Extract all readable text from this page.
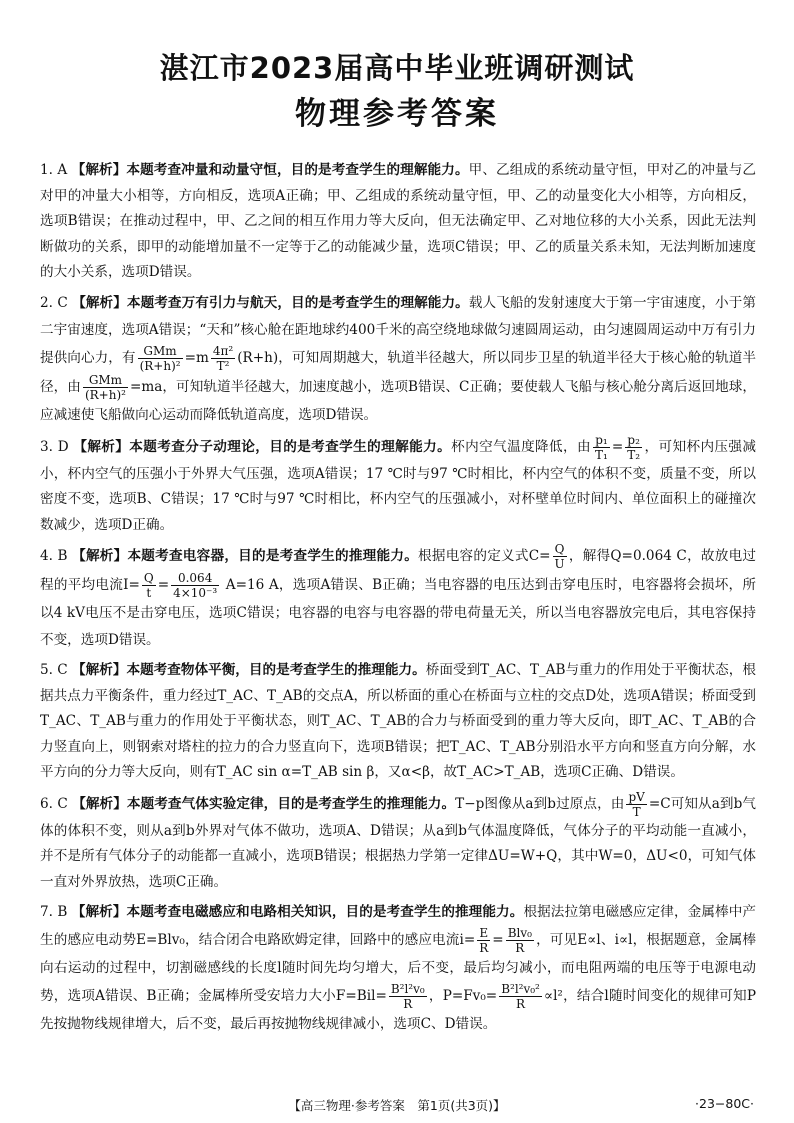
湛江市2023届高中毕业班调研测试
物理参考答案

1. A 【解析】本题考查冲量和动量守恒，目的是考查学生的理解能力。甲、乙组成的系统动量守恒，甲对乙的冲量与乙对甲的冲量大小相等，方向相反，选项A正确；甲、乙组成的系统动量守恒，甲、乙的动量变化大小相等，方向相反，选项B错误；在推动过程中，甲、乙之间的相互作用力等大反向，但无法确定甲、乙对地位移的大小关系，因此无法判断做功的关系，即甲的动能增加量不一定等于乙的动能减少量，选项C错误；甲、乙的质量关系未知，无法判断加速度的大小关系，选项D错误。

2. C 【解析】本题考查万有引力与航天，目的是考查学生的理解能力。载人飞船的发射速度大于第一宇宙速度，小于第二宇宙速度，选项A错误；“天和”核心舱在距地球约400千米的高空绕地球做匀速圆周运动，由匀速圆周运动中万有引力提供向心力，有 $\frac{\text{GMm}}{\text{(R+h)²}} =m \frac{\text{4π²}}{\text{T²}} (R+h)$，可知周期越大，轨道半径越大，所以同步卫星的轨道半径大于核心舱的轨道半径，由 $\frac{\text{GMm}}{\text{(R+h)²}} =ma$，可知轨道半径越大，加速度越小，选项B错误、C正确；要使载人飞船与核心舱分离后返回地球，应减速使飞船做向心运动而降低轨道高度，选项D错误。

3. D 【解析】本题考查分子动理论，目的是考查学生的理解能力。杯内空气温度降低，由 $\frac{\text{p₁}}{\text{T₁}} = \frac{\text{p₂}}{\text{T₂}}$ ，可知杯内压强减小，杯内空气的压强小于外界大气压强，选项A错误；17 ℃时与97 ℃时相比，杯内空气的体积不变，质量不变，所以密度不变，选项B、C错误；17 ℃时与97 ℃时相比，杯内空气的压强减小，对杯壁单位时间内、单位面积上的碰撞次数减少，选项D正确。

4. B 【解析】本题考查电容器，目的是考查学生的推理能力。根据电容的定义式$C= \frac{Q}{U}$ ，解得Q=0.064 C，故放电过程的平均电流$I= \frac{Q}{t} = \frac{0.064}{\text{4×10⁻³}} A=16$ A，选项A错误、B正确；当电容器的电压达到击穿电压时，电容器将会损坏，所以4 kV电压不是击穿电压，选项C错误；电容器的电容与电容器的带电荷量无关，所以当电容器放完电后，其电容保持不变，选项D错误。

5. C 【解析】本题考查物体平衡，目的是考查学生的推理能力。桥面受到T_AC、T_AB与重力的作用处于平衡状态，根据共点力平衡条件，重力经过T_AC、T_AB的交点A，所以桥面的重心在桥面与立柱的交点D处，选项A错误；桥面受到T_AC、T_AB与重力的作用处于平衡状态，则T_AC、T_AB的合力与桥面受到的重力等大反向，即T_AC、T_AB的合力竖直向上，则钢索对塔柱的拉力的合力竖直向下，选项B错误；把T_AC、T_AB分别沿水平方向和竖直方向分解，水平方向的分力等大反向，则有T_AC sin α=T_AB sin β，又α<β，故T_AC>T_AB，选项C正确、D错误。

6. C 【解析】本题考查气体实验定律，目的是考查学生的推理能力。T−p图像从a到b过原点，由 $\frac{pV}{T} =C$可知从a到b气体的体积不变，则从a到b外界对气体不做功，选项A、D错误；从a到b气体温度降低，气体分子的平均动能一直减小，并不是所有气体分子的动能都一直减小，选项B错误；根据热力学第一定律ΔU=W+Q，其中W=0，ΔU<0，可知气体一直对外界放热，选项C正确。

7. B 【解析】本题考查电磁感应和电路相关知识，目的是考查学生的推理能力。根据法拉第电磁感应定律，金属棒中产生的感应电动势E=Blv₀，结合闭合电路欧姆定律，回路中的感应电流$i= \frac{E}{R} = \frac{\text{Blv₀}}{R}$ ，可见E∝l、i∝l，根据题意，金属棒向右运动的过程中，切割磁感线的长度l随时间先均匀增大，后不变，最后均匀减小，而电阻两端的电压等于电源电动势，选项A错误、B正确；金属棒所受安培力大小$F=Bil= \frac{\text{B²l²v₀}}{R}$ ，$P=Fv_0= \frac{\text{B²l²v₀²}}{R} \propto l^2$，结合l随时间变化的规律可知P先按抛物线规律增大，后不变，最后再按抛物线规律减小，选项C、D错误。

【高三物理·参考答案　第1页(共3页)】	·23−80C·
